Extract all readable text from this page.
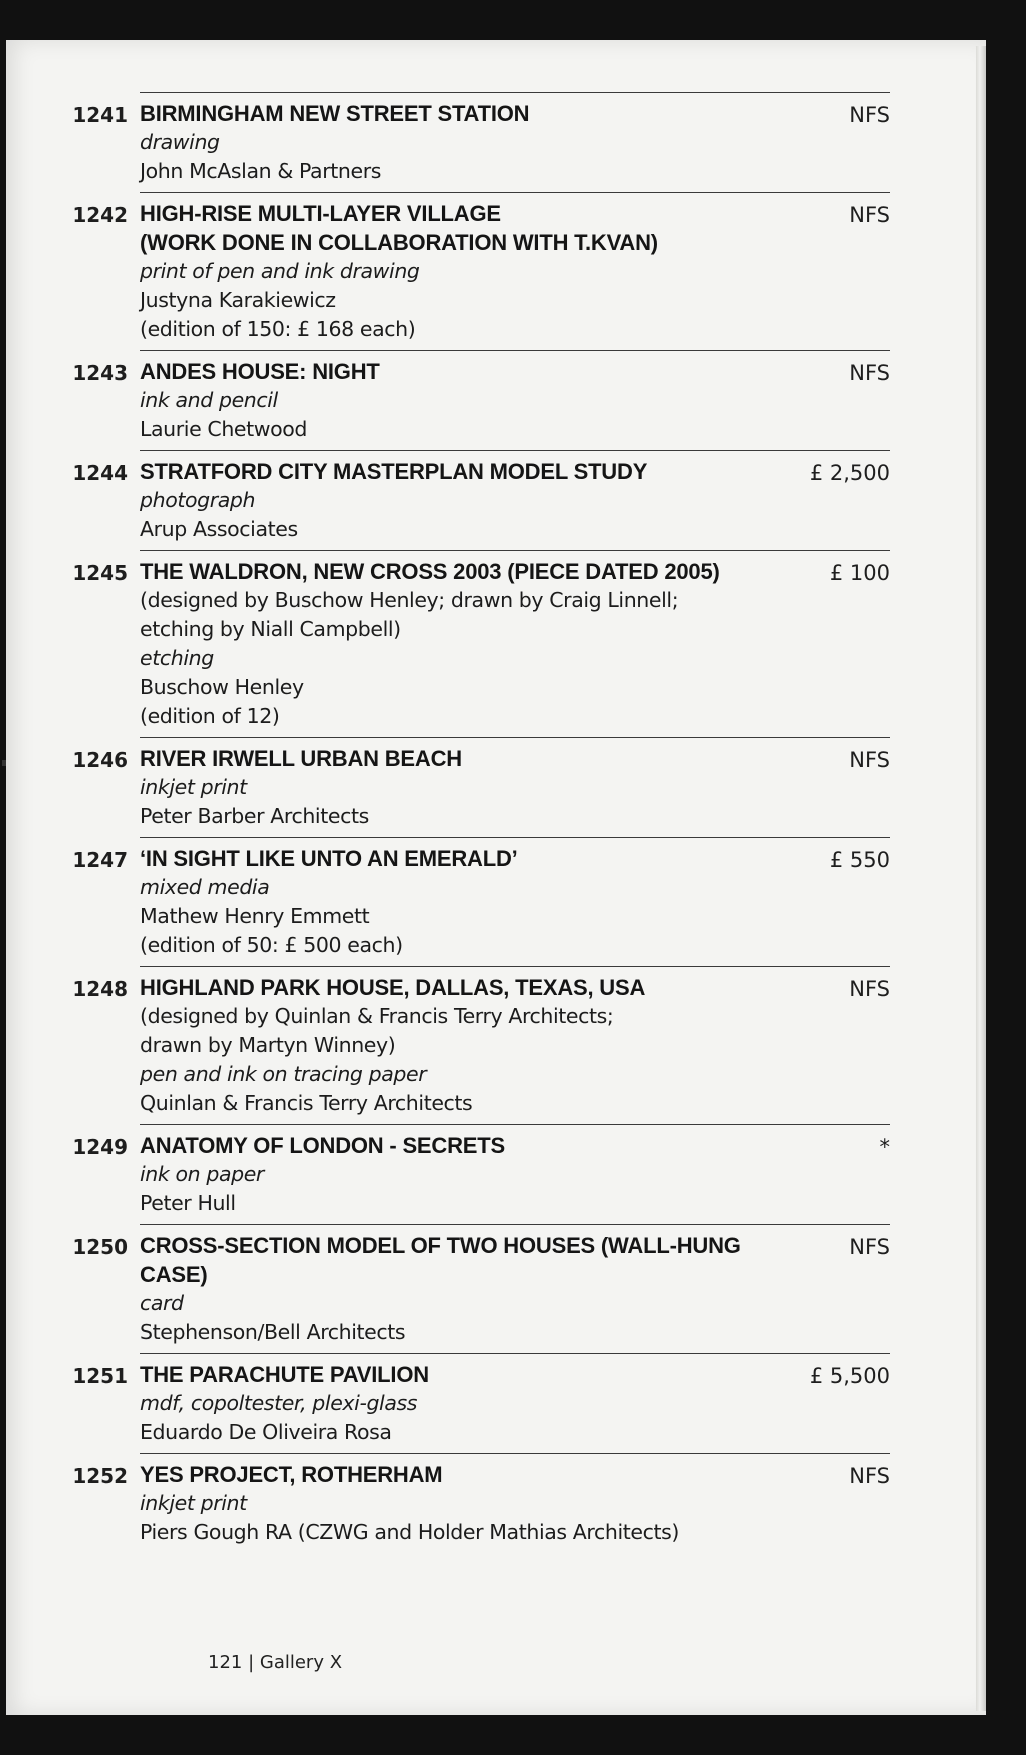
1241	NFS
BIRMINGHAM NEW STREET STATION
drawing
John McAslan & Partners
1242	NFS
HIGH-RISE MULTI-LAYER VILLAGE
(WORK DONE IN COLLABORATION WITH T.KVAN)
print of pen and ink drawing
Justyna Karakiewicz
(edition of 150: £ 168 each)
1243	NFS
ANDES HOUSE: NIGHT
ink and pencil
Laurie Chetwood
1244	£ 2,500
STRATFORD CITY MASTERPLAN MODEL STUDY
photograph
Arup Associates
1245	£ 100
THE WALDRON, NEW CROSS 2003 (PIECE DATED 2005)
(designed by Buschow Henley; drawn by Craig Linnell;
etching by Niall Campbell)
etching
Buschow Henley
(edition of 12)
1246	NFS
RIVER IRWELL URBAN BEACH
inkjet print
Peter Barber Architects
1247	£ 550
‘IN SIGHT LIKE UNTO AN EMERALD’
mixed media
Mathew Henry Emmett
(edition of 50: £ 500 each)
1248	NFS
HIGHLAND PARK HOUSE, DALLAS, TEXAS, USA
(designed by Quinlan & Francis Terry Architects;
drawn by Martyn Winney)
pen and ink on tracing paper
Quinlan & Francis Terry Architects
1249	*
ANATOMY OF LONDON - SECRETS
ink on paper
Peter Hull
1250	NFS
CROSS-SECTION MODEL OF TWO HOUSES (WALL-HUNG CASE)
card
Stephenson/Bell Architects
1251	£ 5,500
THE PARACHUTE PAVILION
mdf, copoltester, plexi-glass
Eduardo De Oliveira Rosa
1252	NFS
YES PROJECT, ROTHERHAM
inkjet print
Piers Gough RA (CZWG and Holder Mathias Architects)
121 | Gallery X
